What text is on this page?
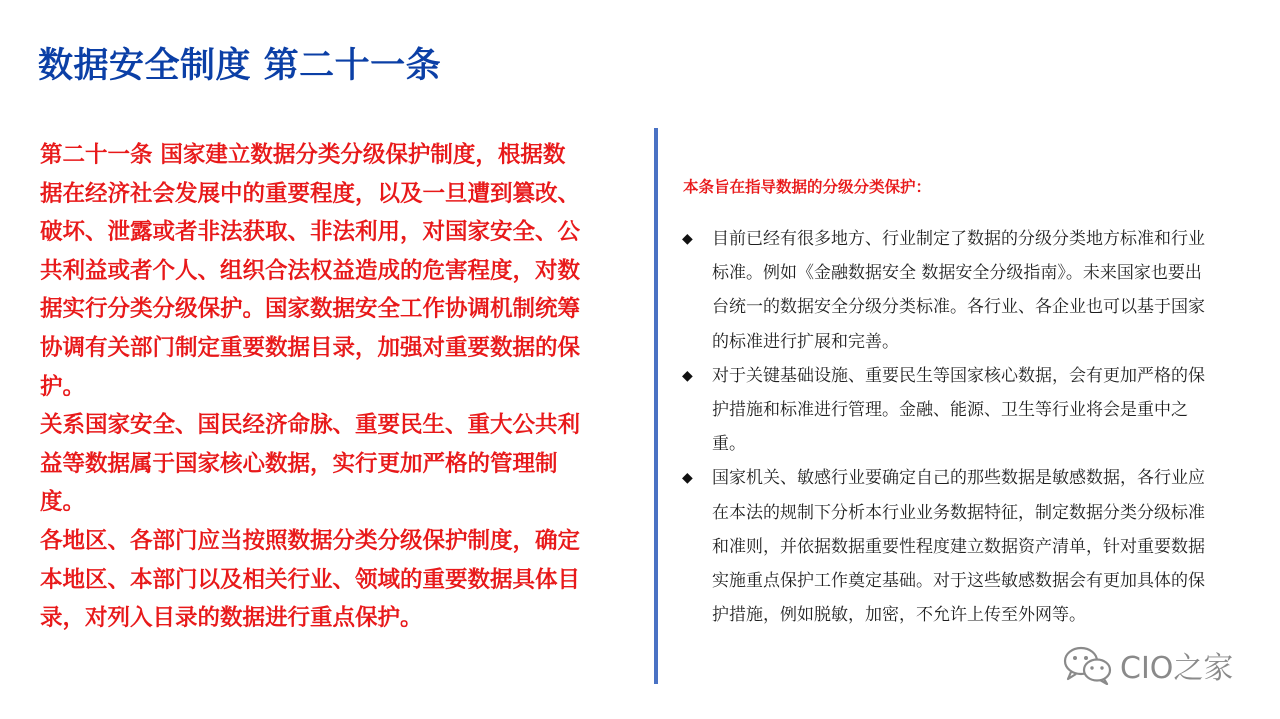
数据安全制度 第二十一条

第二十一条 国家建立数据分类分级保护制度，根据数据在经济社会发展中的重要程度，以及一旦遭到篡改、破坏、泄露或者非法获取、非法利用，对国家安全、公共利益或者个人、组织合法权益造成的危害程度，对数据实行分类分级保护。国家数据安全工作协调机制统筹协调有关部门制定重要数据目录，加强对重要数据的保护。

关系国家安全、国民经济命脉、重要民生、重大公共利益等数据属于国家核心数据，实行更加严格的管理制度。

各地区、各部门应当按照数据分类分级保护制度，确定本地区、本部门以及相关行业、领域的重要数据具体目录，对列入目录的数据进行重点保护。

本条旨在指导数据的分级分类保护：
◆ 目前已经有很多地方、行业制定了数据的分级分类地方标准和行业标准。例如《金融数据安全 数据安全分级指南》。未来国家也要出台统一的数据安全分级分类标准。各行业、各企业也可以基于国家的标准进行扩展和完善。
◆ 对于关键基础设施、重要民生等国家核心数据，会有更加严格的保护措施和标准进行管理。金融、能源、卫生等行业将会是重中之重。
◆ 国家机关、敏感行业要确定自己的那些数据是敏感数据，各行业应在本法的规制下分析本行业业务数据特征，制定数据分类分级标准和准则，并依据数据重要性程度建立数据资产清单，针对重要数据实施重点保护工作奠定基础。对于这些敏感数据会有更加具体的保护措施，例如脱敏，加密，不允许上传至外网等。
CIO之家
